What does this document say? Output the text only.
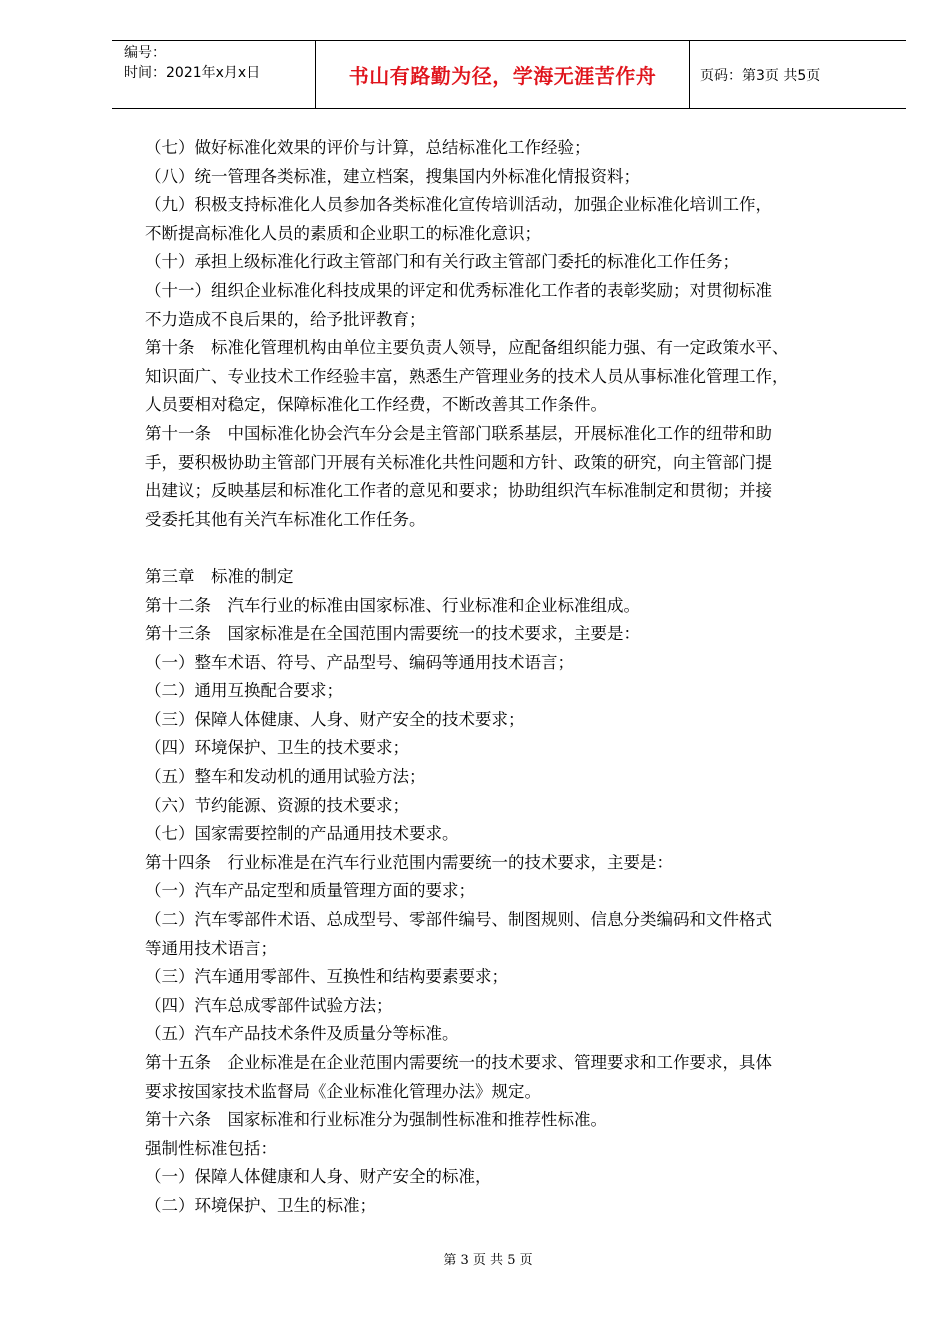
编号：
时间：2021年x月x日	书山有路勤为径，学海无涯苦作舟	页码：第3页 共5页
（七）做好标准化效果的评价与计算，总结标准化工作经验；
（八）统一管理各类标准，建立档案，搜集国内外标准化情报资料；
（九）积极支持标准化人员参加各类标准化宣传培训活动，加强企业标准化培训工作，
不断提高标准化人员的素质和企业职工的标准化意识；
（十）承担上级标准化行政主管部门和有关行政主管部门委托的标准化工作任务；
（十一）组织企业标准化科技成果的评定和优秀标准化工作者的表彰奖励；对贯彻标准
不力造成不良后果的，给予批评教育；
第十条　标准化管理机构由单位主要负责人领导，应配备组织能力强、有一定政策水平、
知识面广、专业技术工作经验丰富，熟悉生产管理业务的技术人员从事标准化管理工作，
人员要相对稳定，保障标准化工作经费，不断改善其工作条件。
第十一条　中国标准化协会汽车分会是主管部门联系基层，开展标准化工作的纽带和助
手，要积极协助主管部门开展有关标准化共性问题和方针、政策的研究，向主管部门提
出建议；反映基层和标准化工作者的意见和要求；协助组织汽车标准制定和贯彻；并接
受委托其他有关汽车标准化工作任务。
第三章　标准的制定
第十二条　汽车行业的标准由国家标准、行业标准和企业标准组成。
第十三条　国家标准是在全国范围内需要统一的技术要求，主要是：
（一）整车术语、符号、产品型号、编码等通用技术语言；
（二）通用互换配合要求；
（三）保障人体健康、人身、财产安全的技术要求；
（四）环境保护、卫生的技术要求；
（五）整车和发动机的通用试验方法；
（六）节约能源、资源的技术要求；
（七）国家需要控制的产品通用技术要求。
第十四条　行业标准是在汽车行业范围内需要统一的技术要求，主要是：
（一）汽车产品定型和质量管理方面的要求；
（二）汽车零部件术语、总成型号、零部件编号、制图规则、信息分类编码和文件格式
等通用技术语言；
（三）汽车通用零部件、互换性和结构要素要求；
（四）汽车总成零部件试验方法；
（五）汽车产品技术条件及质量分等标准。
第十五条　企业标准是在企业范围内需要统一的技术要求、管理要求和工作要求，具体
要求按国家技术监督局《企业标准化管理办法》规定。
第十六条　国家标准和行业标准分为强制性标准和推荐性标准。
强制性标准包括：
（一）保障人体健康和人身、财产安全的标准，
（二）环境保护、卫生的标准；
第 3 页 共 5 页
